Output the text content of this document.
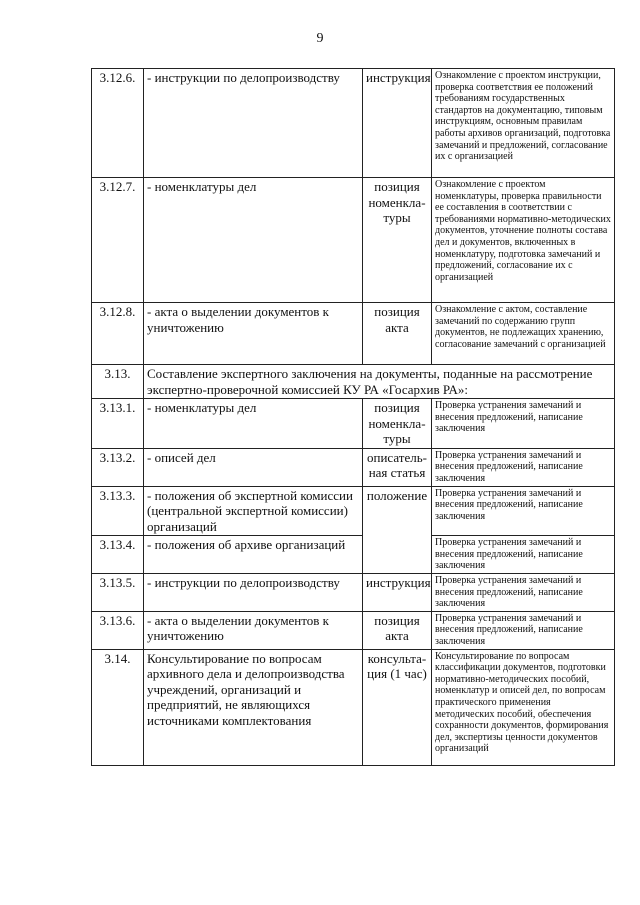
9
3.12.6.	- инструкции по делопроизводству	инструкция	Ознакомление с проектом инструкции, проверка соответствия ее положений требованиям государственных стандартов на документацию, типовым инструкциям, основным правилам работы архивов организаций, подготовка замечаний и предложений, согласование их с организацией
3.12.7.	- номенклатуры дел	позиция номенкла-туры	Ознакомление с проектом номенклатуры, проверка правильности ее составления в соответствии с требованиями нормативно-методических документов, уточнение полноты состава дел и документов, включенных в номенклатуру, подготовка замечаний и предложений, согласование их с организацией
3.12.8.	- акта о выделении документов к уничтожению	позиция акта	Ознакомление с актом, составление замечаний по содержанию групп документов, не подлежащих хранению, согласование замечаний с организацией
3.13.	Составление экспертного заключения на документы, поданные на рассмотрение экспертно-проверочной комиссией КУ РА «Госархив РА»:		
3.13.1.	- номенклатуры дел	позиция номенкла-туры	Проверка устранения замечаний и внесения предложений, написание заключения
3.13.2.	- описей дел	описатель-ная статья	Проверка устранения замечаний и внесения предложений, написание заключения
3.13.3.	- положения об экспертной комиссии (центральной экспертной комиссии) организаций	положение	Проверка устранения замечаний и внесения предложений, написание заключения
3.13.4.	- положения об архиве организаций		Проверка устранения замечаний и внесения предложений, написание заключения
3.13.5.	- инструкции по делопроизводству	инструкция	Проверка устранения замечаний и внесения предложений, написание заключения
3.13.6.	- акта о выделении документов к уничтожению	позиция акта	Проверка устранения замечаний и внесения предложений, написание заключения
3.14.	Консультирование по вопросам архивного дела и делопроизводства учреждений, организаций и предприятий, не являющихся источниками комплектования	консульта-ция (1 час)	Консультирование по вопросам классификации документов, подготовки нормативно-методических пособий, номенклатур и описей дел, по вопросам практического применения методических пособий, обеспечения сохранности документов, формирования дел, экспертизы ценности документов организаций
